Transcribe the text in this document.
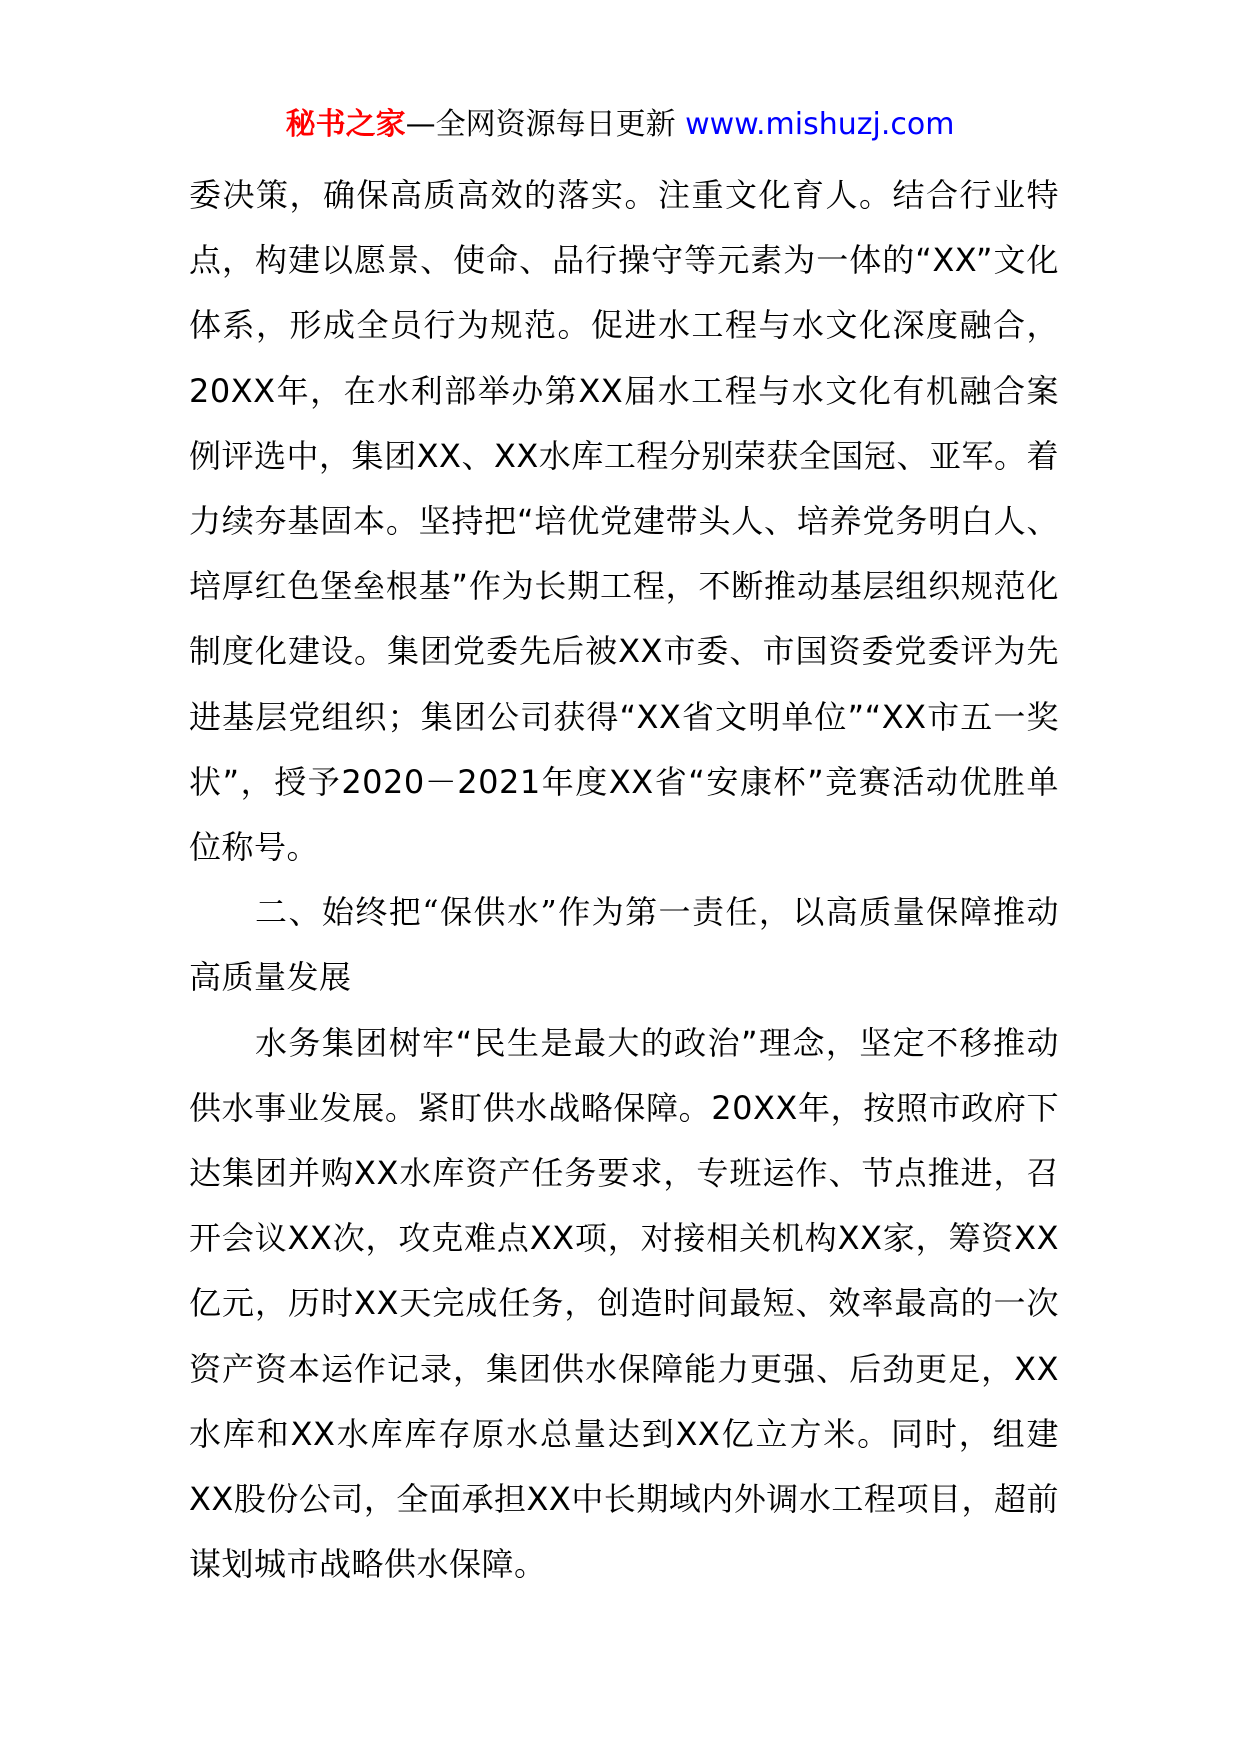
秘书之家—全网资源每日更新 www.mishuzj.com

委决策，确保高质高效的落实。注重文化育人。结合行业特点，构建以愿景、使命、品行操守等元素为一体的“XX”文化体系，形成全员行为规范。促进水工程与水文化深度融合，20XX年，在水利部举办第XX届水工程与水文化有机融合案例评选中，集团XX、XX水库工程分别荣获全国冠、亚军。着力续夯基固本。坚持把“培优党建带头人、培养党务明白人、培厚红色堡垒根基”作为长期工程，不断推动基层组织规范化制度化建设。集团党委先后被XX市委、市国资委党委评为先进基层党组织；集团公司获得“XX省文明单位”“XX市五一奖状”，授予2020－2021年度XX省“安康杯”竞赛活动优胜单位称号。

二、始终把“保供水”作为第一责任，以高质量保障推动高质量发展

水务集团树牢“民生是最大的政治”理念，坚定不移推动供水事业发展。紧盯供水战略保障。20XX年，按照市政府下达集团并购XX水库资产任务要求，专班运作、节点推进，召开会议XX次，攻克难点XX项，对接相关机构XX家，筹资XX亿元，历时XX天完成任务，创造时间最短、效率最高的一次资产资本运作记录，集团供水保障能力更强、后劲更足，XX水库和XX水库库存原水总量达到XX亿立方米。同时，组建XX股份公司，全面承担XX中长期域内外调水工程项目，超前谋划城市战略供水保障。
